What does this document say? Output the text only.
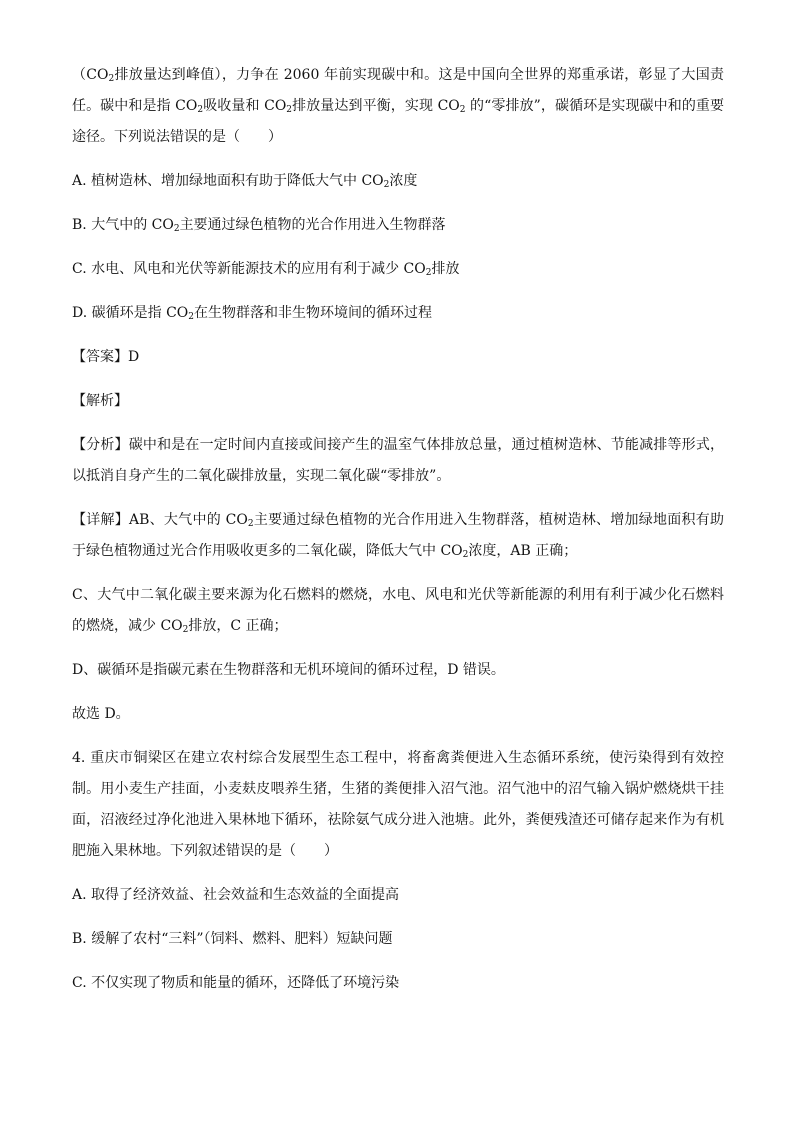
（$CO_2$排放量达到峰值），力争在 2060 年前实现碳中和。这是中国向全世界的郑重承诺，彰显了大国责任。碳中和是指 $CO_2$吸收量和 $CO_2$排放量达到平衡，实现 $CO_2$ 的“零排放”，碳循环是实现碳中和的重要途径。下列说法错误的是（　　）

A. 植树造林、增加绿地面积有助于降低大气中 $CO_2$浓度

B. 大气中的 $CO_2$主要通过绿色植物的光合作用进入生物群落

C. 水电、风电和光伏等新能源技术的应用有利于减少 $CO_2$排放

D. 碳循环是指 $CO_2$在生物群落和非生物环境间的循环过程

【答案】D

【解析】

【分析】碳中和是在一定时间内直接或间接产生的温室气体排放总量，通过植树造林、节能减排等形式，以抵消自身产生的二氧化碳排放量，实现二氧化碳“零排放”。

【详解】AB、大气中的 $CO_2$主要通过绿色植物的光合作用进入生物群落，植树造林、增加绿地面积有助于绿色植物通过光合作用吸收更多的二氧化碳，降低大气中 $CO_2$浓度，AB 正确；

C、大气中二氧化碳主要来源为化石燃料的燃烧，水电、风电和光伏等新能源的利用有利于减少化石燃料的燃烧，减少 $CO_2$排放，C 正确；

D、碳循环是指碳元素在生物群落和无机环境间的循环过程，D 错误。

故选 D。

4. 重庆市铜梁区在建立农村综合发展型生态工程中，将畜禽粪便进入生态循环系统，使污染得到有效控制。用小麦生产挂面，小麦麸皮喂养生猪，生猪的粪便排入沼气池。沼气池中的沼气输入锅炉燃烧烘干挂面，沼液经过净化池进入果林地下循环，祛除氨气成分进入池塘。此外，粪便残渣还可储存起来作为有机肥施入果林地。下列叙述错误的是（　　）

A. 取得了经济效益、社会效益和生态效益的全面提高

B. 缓解了农村“三料”（饲料、燃料、肥料）短缺问题

C. 不仅实现了物质和能量的循环，还降低了环境污染
